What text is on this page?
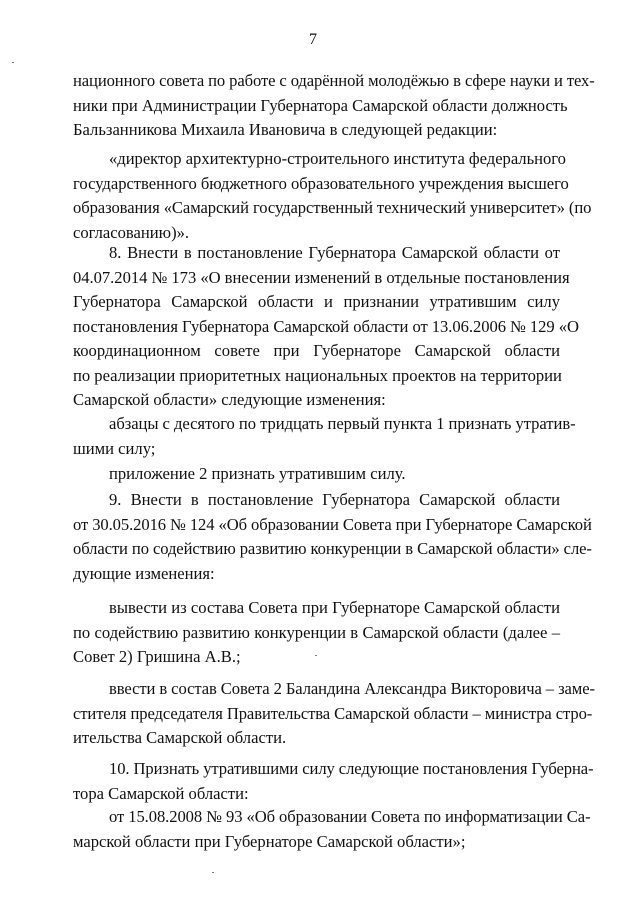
7

национного совета по работе с одарённой молодёжью в сфере науки и тех-
ники при Администрации Губернатора Самарской области должность
Бальзанникова Михаила Ивановича в следующей редакции:

«директор архитектурно-строительного института федерального
государственного бюджетного образовательного учреждения высшего
образования «Самарский государственный технический университет» (по
согласованию)».

8. Внести в постановление Губернатора Самарской области от
04.07.2014 № 173 «О внесении изменений в отдельные постановления
Губернатора Самарской области и признании утратившим силу
постановления Губернатора Самарской области от 13.06.2006 № 129 «О
координационном совете при Губернаторе Самарской области
по реализации приоритетных национальных проектов на территории
Самарской области» следующие изменения:

абзацы с десятого по тридцать первый пункта 1 признать утратив-
шими силу;

приложение 2 признать утратившим силу.

9. Внести в постановление Губернатора Самарской области
от 30.05.2016 № 124 «Об образовании Совета при Губернаторе Самарской
области по содействию развитию конкуренции в Самарской области» сле-
дующие изменения:

вывести из состава Совета при Губернаторе Самарской области
по содействию развитию конкуренции в Самарской области (далее –
Совет 2) Гришина А.В.;

ввести в состав Совета 2 Баландина Александра Викторовича – заме-
стителя председателя Правительства Самарской области – министра стро-
ительства Самарской области.

10. Признать утратившими силу следующие постановления Губерна-
тора Самарской области:

от 15.08.2008 № 93 «Об образовании Совета по информатизации Са-
марской области при Губернаторе Самарской области»;
